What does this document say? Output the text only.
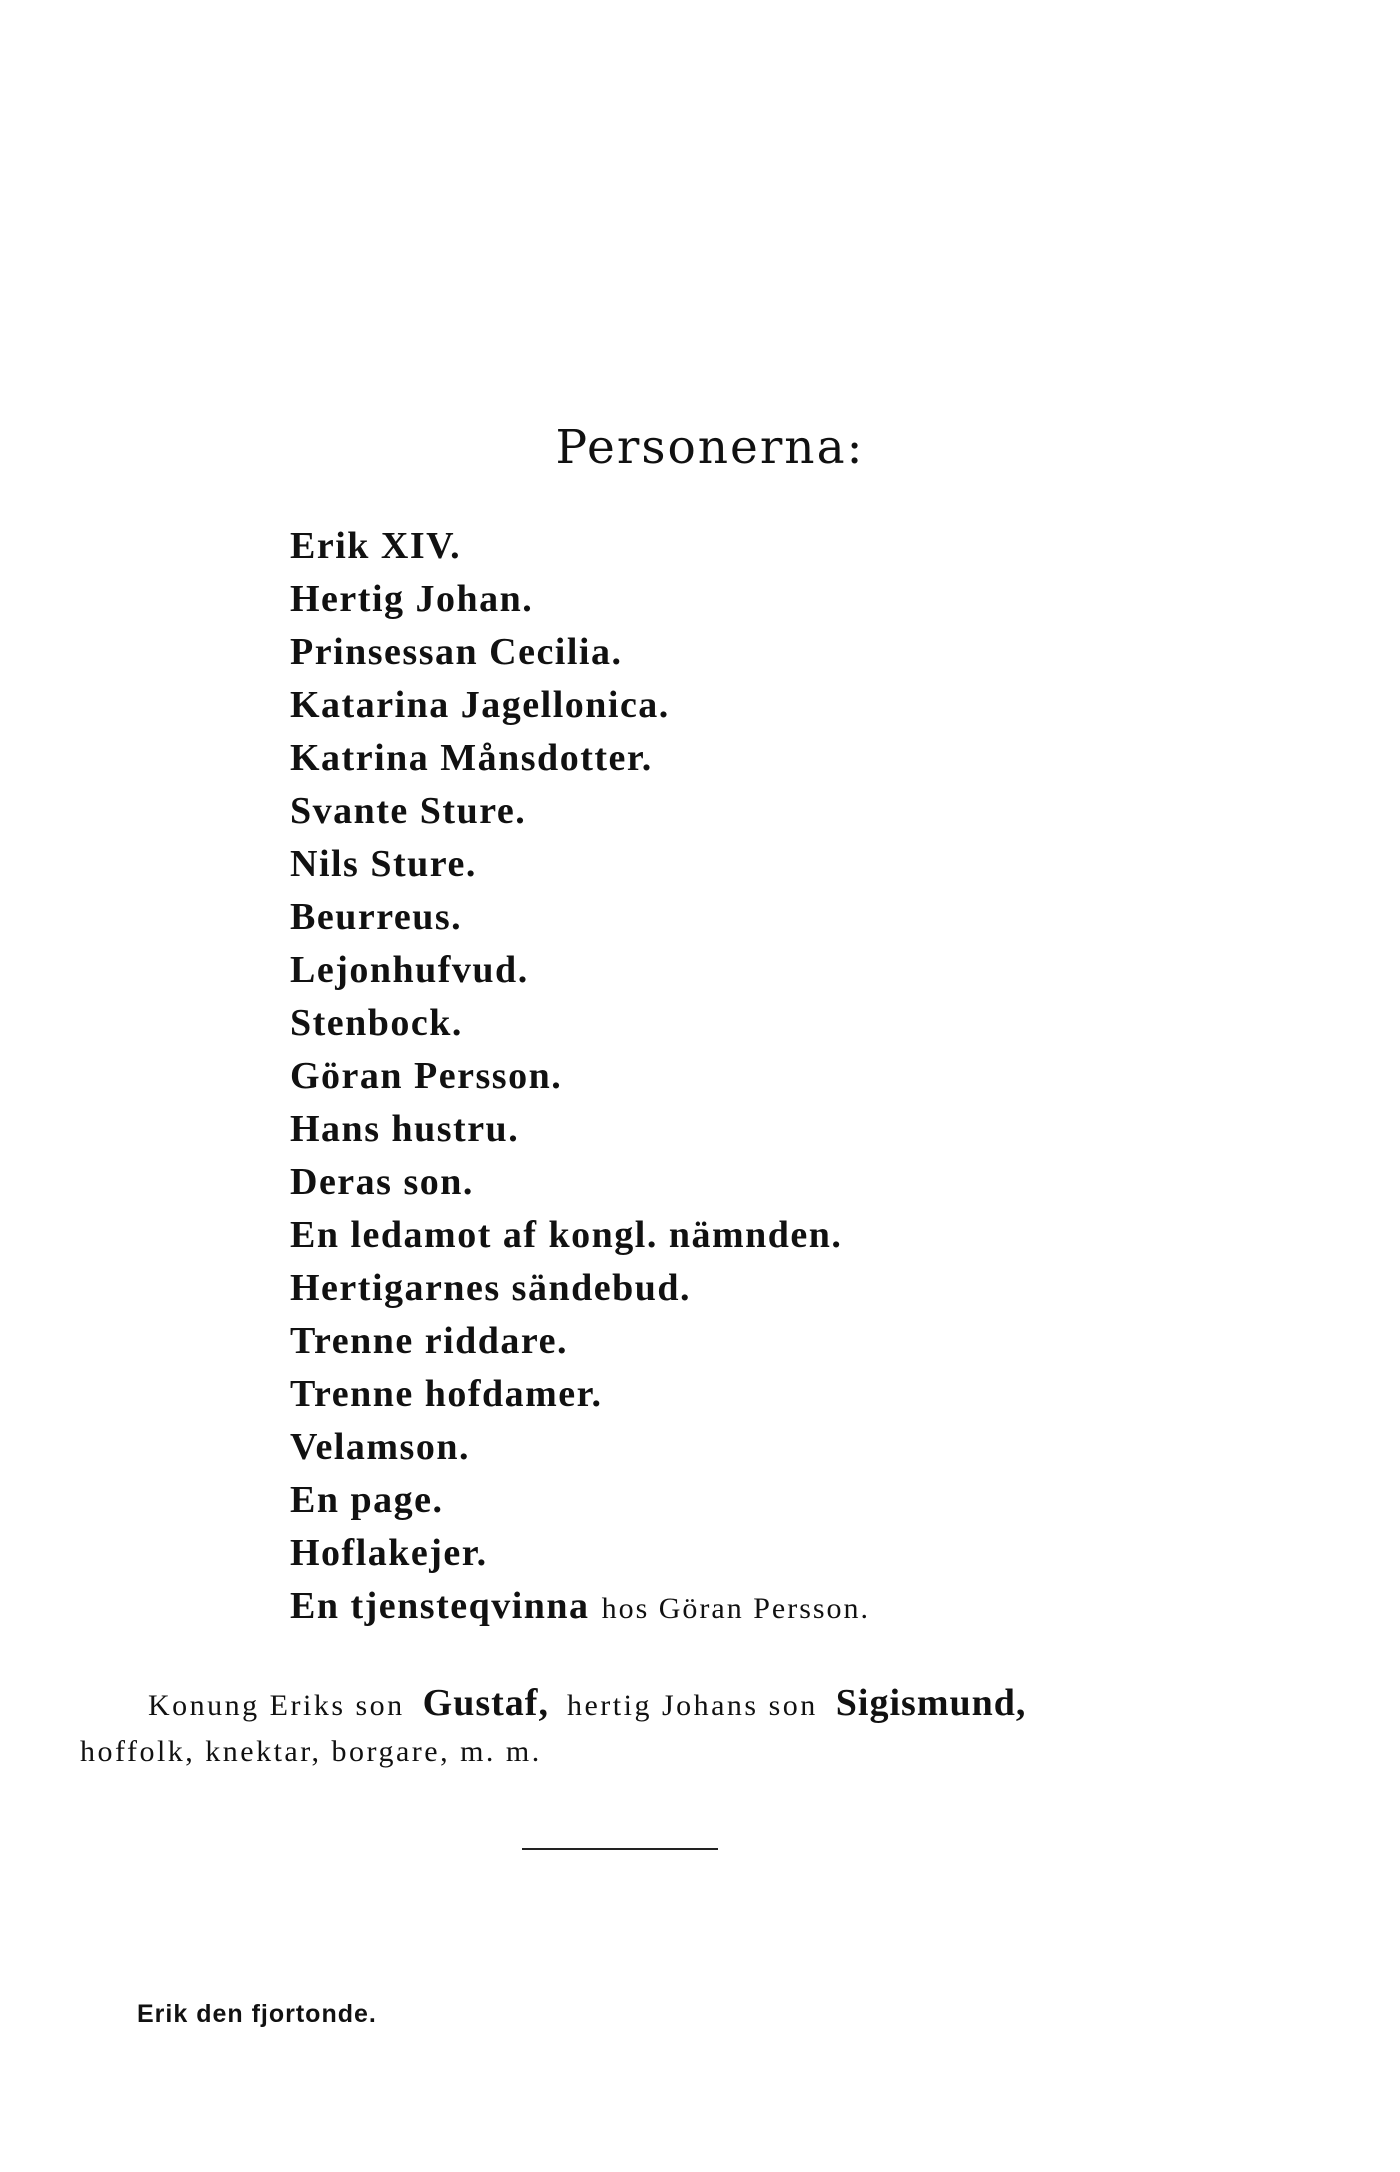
Personerna:
Erik XIV.
Hertig Johan.
Prinsessan Cecilia.
Katarina Jagellonica.
Katrina Månsdotter.
Svante Sture.
Nils Sture.
Beurreus.
Lejonhufvud.
Stenbock.
Göran Persson.
Hans hustru.
Deras son.
En ledamot af kongl. nämnden.
Hertigarnes sändebud.
Trenne riddare.
Trenne hofdamer.
Velamson.
En page.
Hoflakejer.
En tjensteqvinna hos Göran Persson.
Konung Eriks son Gustaf, hertig Johans son Sigismund,
hoffolk, knektar, borgare, m. m.
Erik den fjortonde.
